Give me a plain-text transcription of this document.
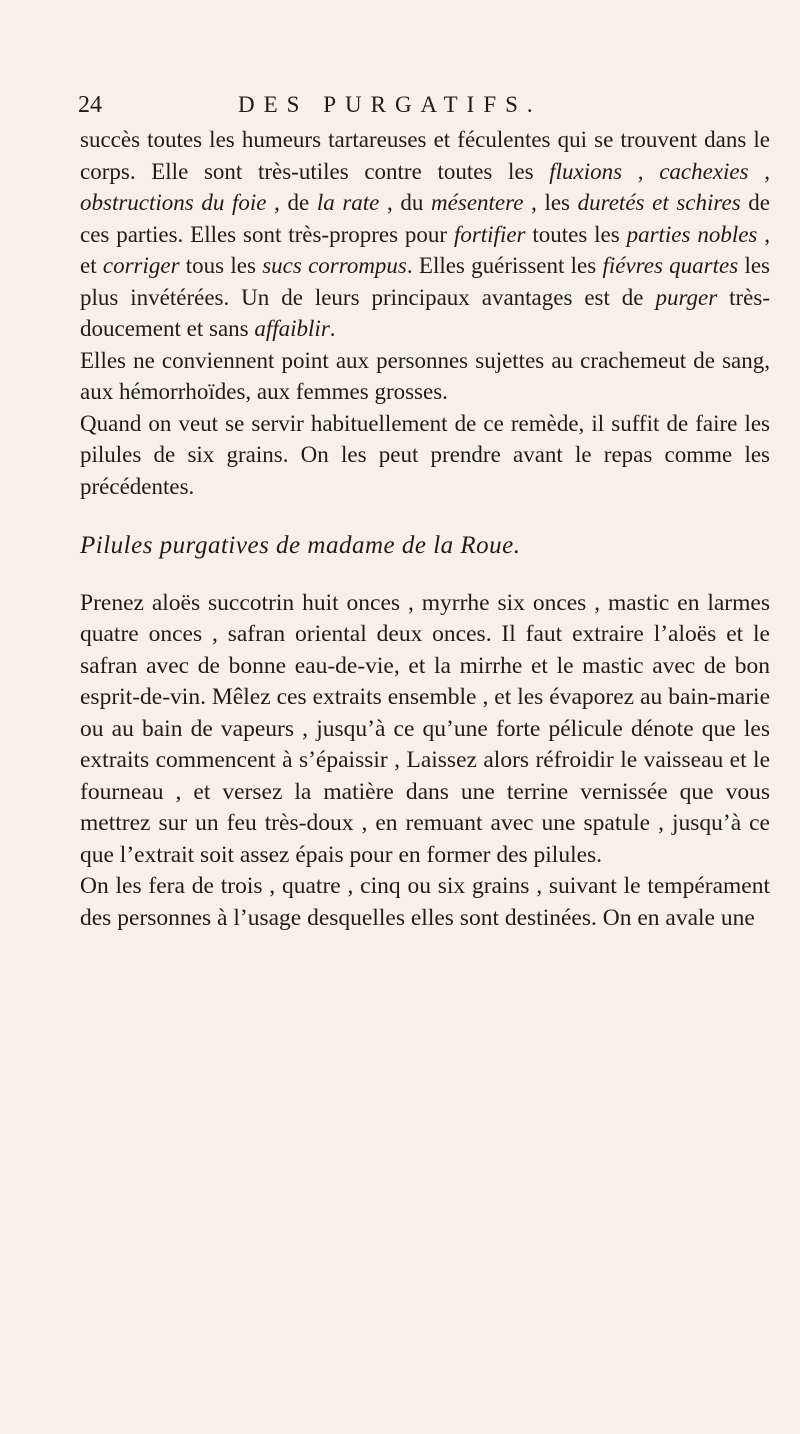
24	DES PURGATIFS.

succès toutes les humeurs tartareuses et féculentes qui se trouvent dans le corps. Elle sont très-utiles contre toutes les fluxions , cachexies , obstructions du foie , de la rate , du mésentere , les duretés et schires de ces parties. Elles sont très-propres pour fortifier toutes les parties nobles , et corriger tous les sucs corrompus. Elles guérissent les fiévres quartes les plus invétérées. Un de leurs principaux avantages est de purger très-doucement et sans affaiblir.

Elles ne conviennent point aux personnes sujettes au crachemeut de sang, aux hémorrhoïdes, aux femmes grosses.

Quand on veut se servir habituellement de ce remède, il suffit de faire les pilules de six grains. On les peut prendre avant le repas comme les précédentes.

Pilules purgatives de madame de la Roue.

Prenez aloës succotrin huit onces , myrrhe six onces , mastic en larmes quatre onces , safran oriental deux onces. Il faut extraire l’aloës et le safran avec de bonne eau-de-vie, et la mirrhe et le mastic avec de bon esprit-de-vin. Mêlez ces extraits ensemble , et les évaporez au bain-marie ou au bain de vapeurs , jusqu’à ce qu’une forte pélicule dénote que les extraits commencent à s’épaissir , Laissez alors réfroidir le vaisseau et le fourneau , et versez la matière dans une terrine vernissée que vous mettrez sur un feu très-doux , en remuant avec une spatule , jusqu’à ce que l’extrait soit assez épais pour en former des pilules.

On les fera de trois , quatre , cinq ou six grains , suivant le tempérament des personnes à l’usage desquelles elles sont destinées. On en avale une
